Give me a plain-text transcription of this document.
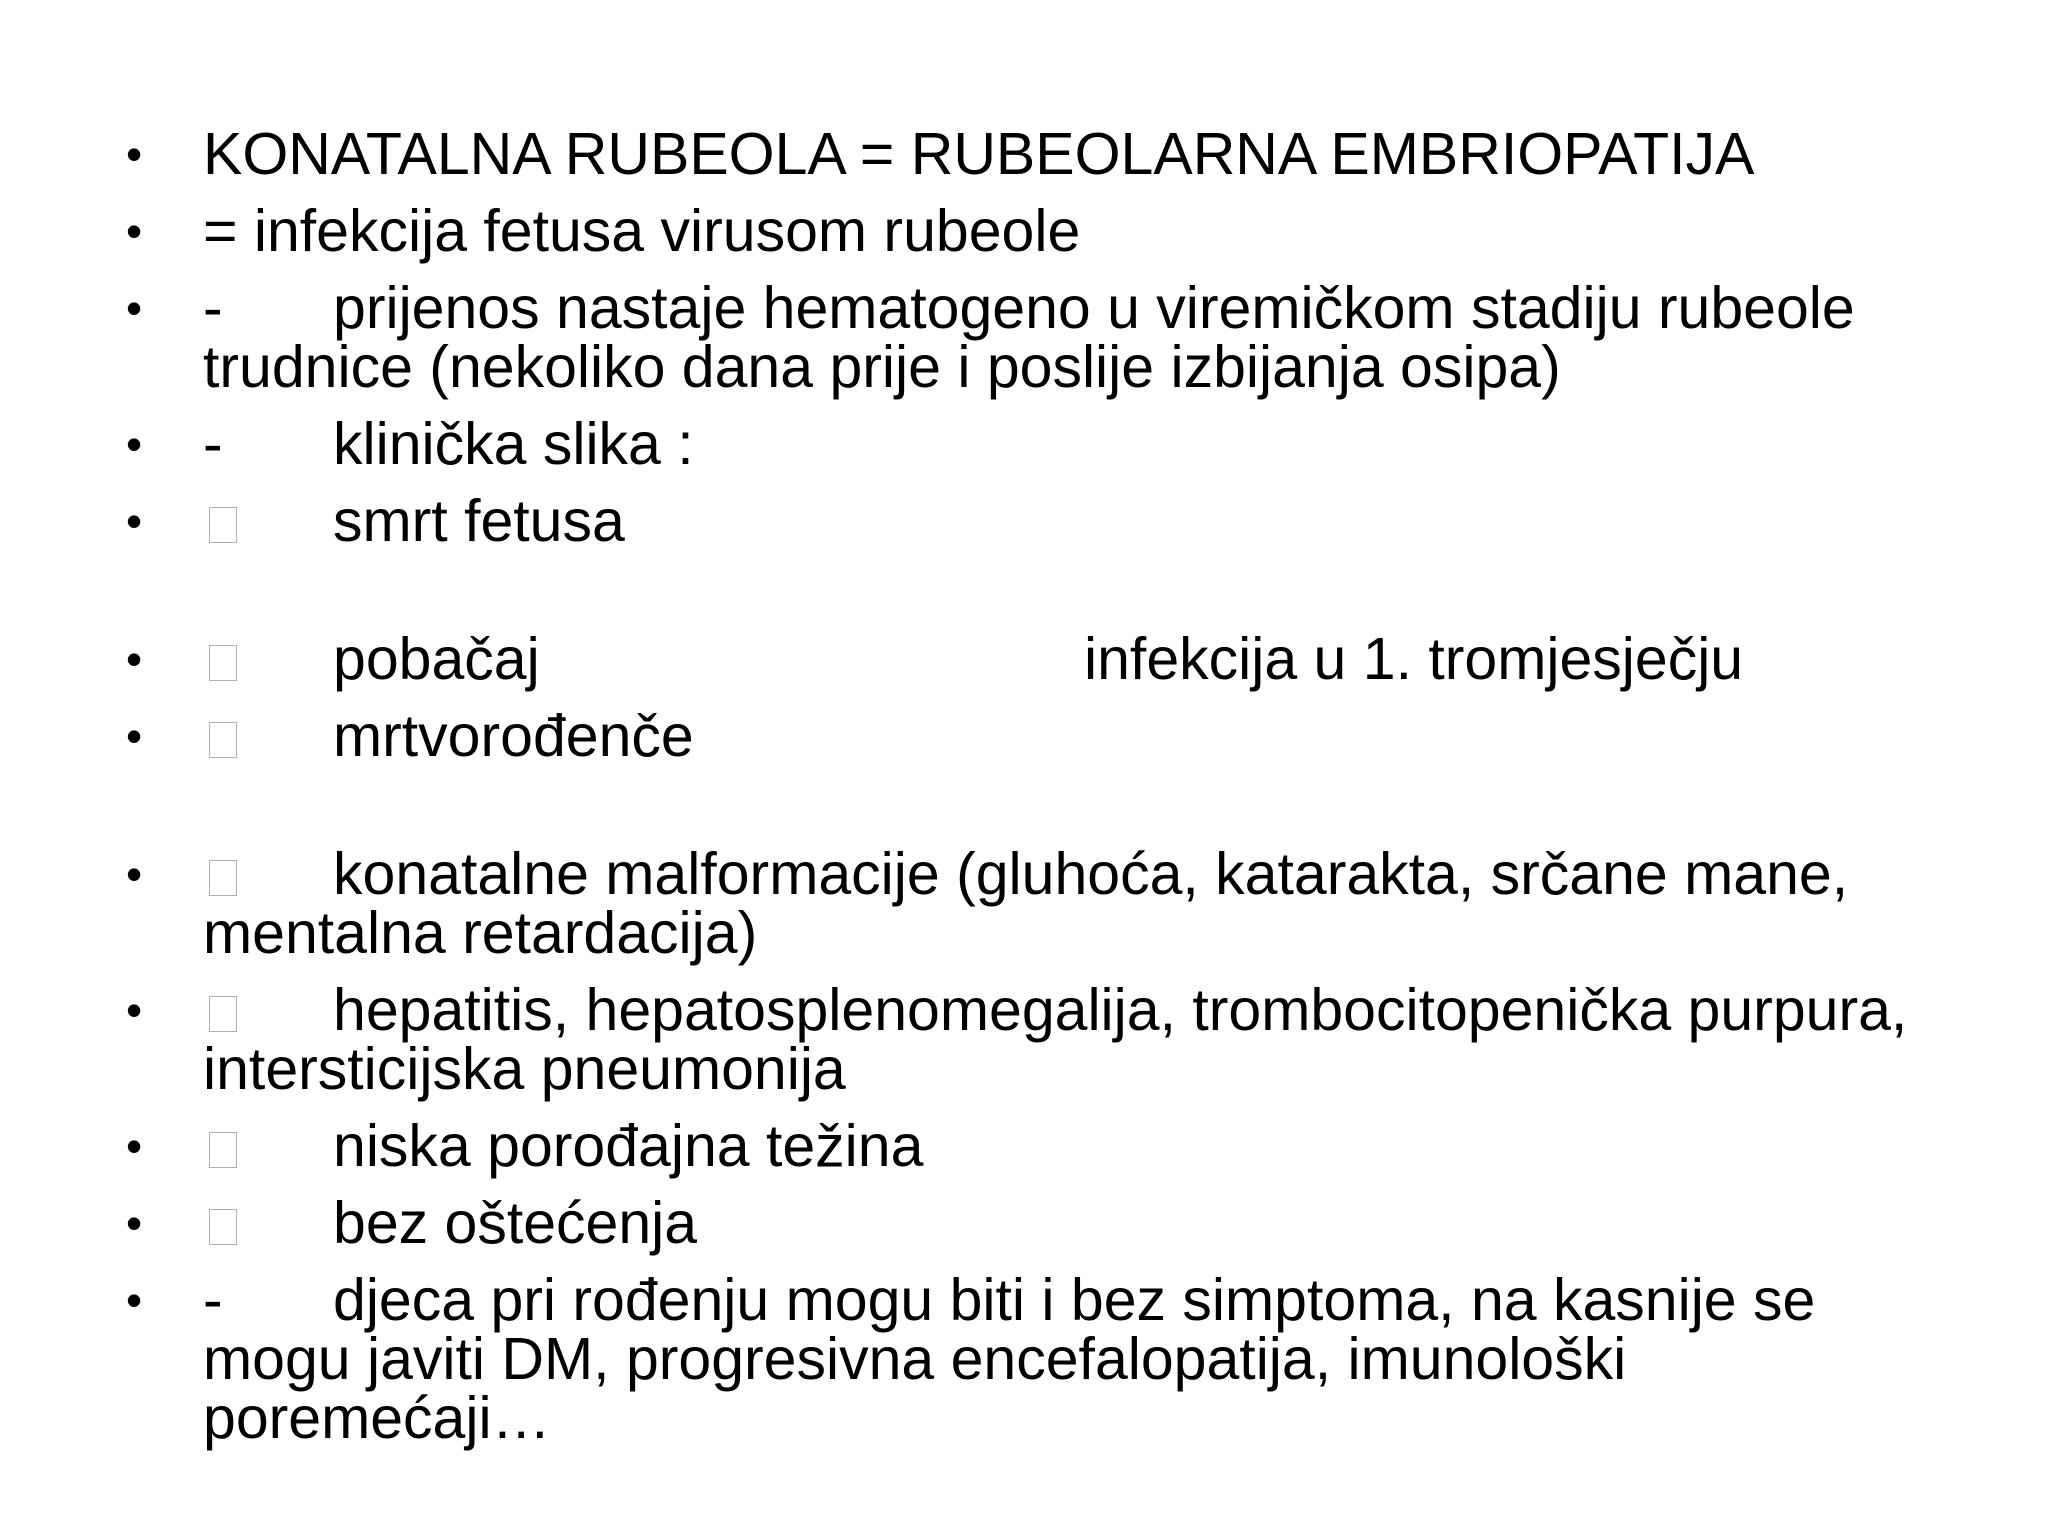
• KONATALNA RUBEOLA = RUBEOLARNA EMBRIOPATIJA
• = infekcija fetusa virusom rubeole
• - prijenos nastaje hematogeno u viremičkom stadiju rubeole trudnice (nekoliko dana prije i poslije izbijanja osipa)
• - klinička slika :
•	smrt fetusa
•	pobačaj	infekcija u 1. tromjesječju
•	mrtvorođenče
•	konatalne malformacije (gluhoća, katarakta, srčane mane, mentalna retardacija)
•	hepatitis, hepatosplenomegalija, trombocitopenička purpura, intersticijska pneumonija
•	niska porođajna težina
•	bez oštećenja
• - djeca pri rođenju mogu biti i bez simptoma, na kasnije se mogu javiti DM, progresivna encefalopatija, imunološki poremećaji…
